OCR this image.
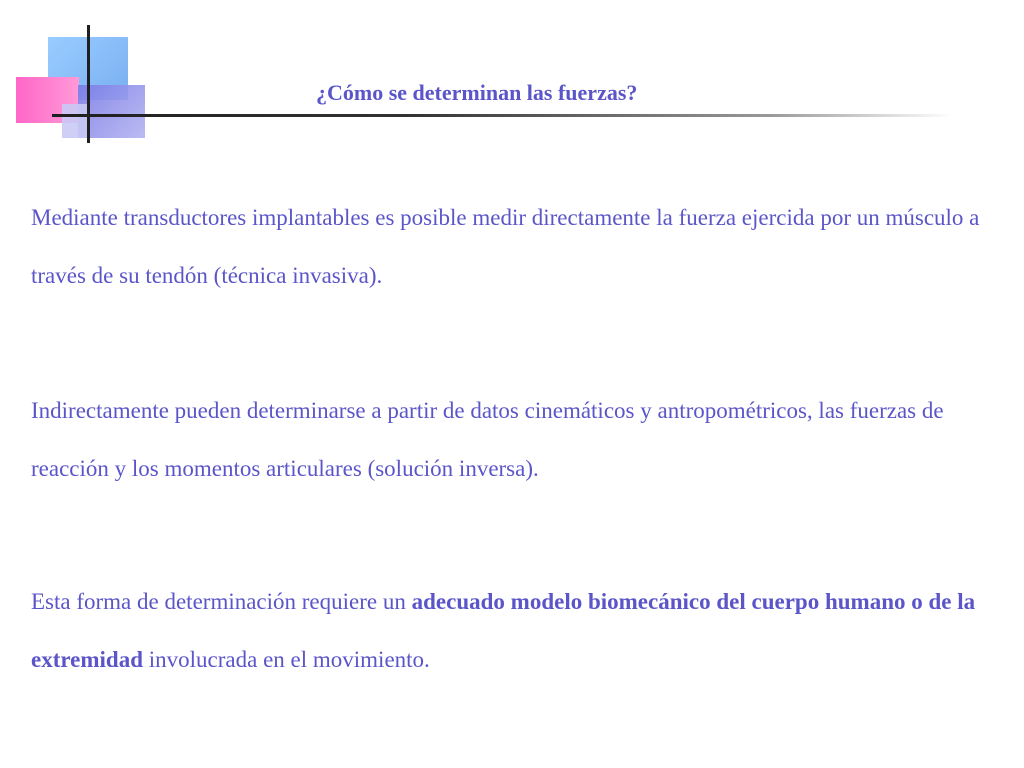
¿Cómo se determinan las fuerzas?

Mediante transductores implantables es posible medir directamente la fuerza ejercida por un músculo a través de su tendón (técnica invasiva).

Indirectamente pueden determinarse a partir de datos cinemáticos y antropométricos, las fuerzas de reacción y los momentos articulares (solución inversa).

Esta forma de determinación requiere un adecuado modelo biomecánico del cuerpo humano o de la extremidad involucrada en el movimiento.
